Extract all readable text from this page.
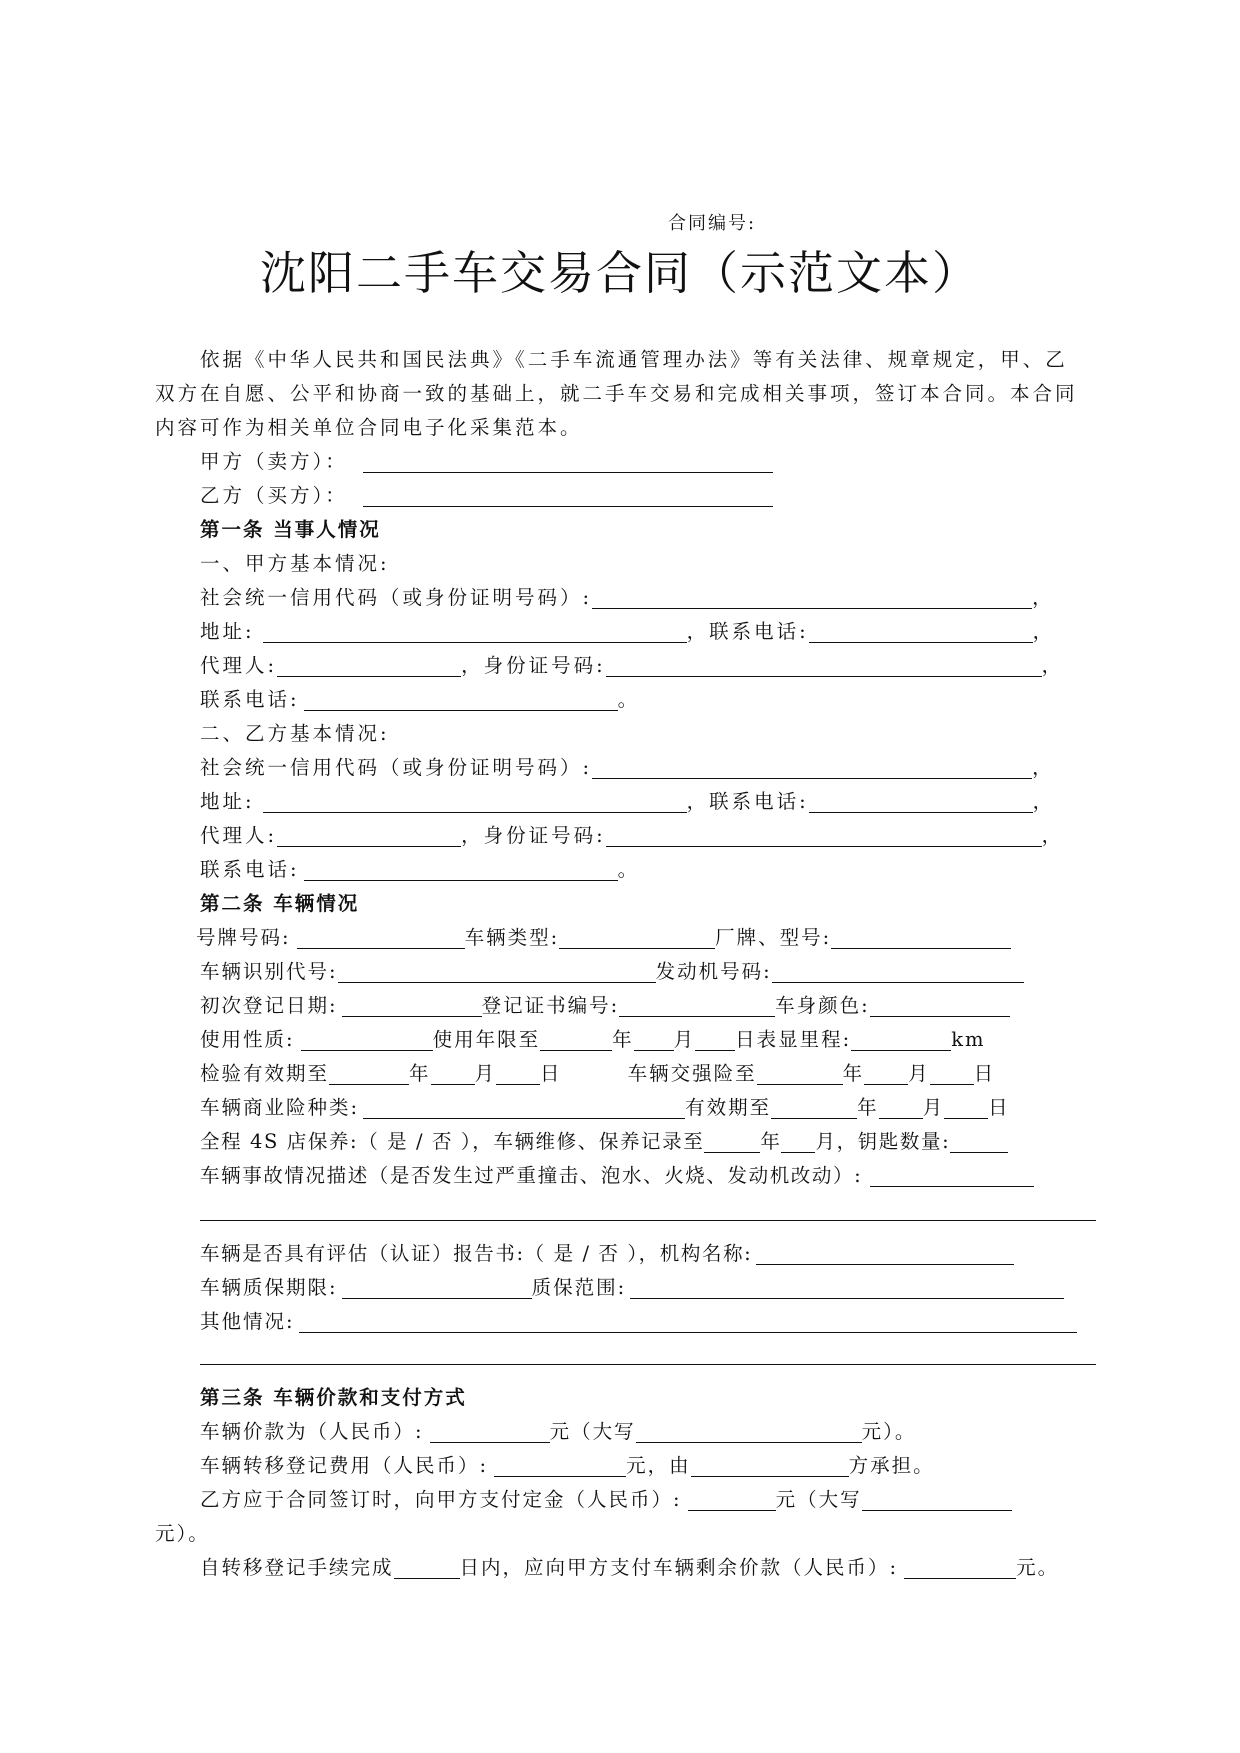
合同编号:
沈阳二手车交易合同（示范文本）
依据《中华人民共和国民法典》《二手车流通管理办法》等有关法律、规章规定，甲、乙
双方在自愿、公平和协商一致的基础上，就二手车交易和完成相关事项，签订本合同。本合同
内容可作为相关单位合同电子化采集范本。
甲方（卖方）：
乙方（买方）：
第一条 当事人情况
一、甲方基本情况:
社会统一信用代码（或身份证明号码）:	，
地址:	，联系电话:	，
代理人:	，身份证号码:	，
联系电话:	。
二、乙方基本情况:
社会统一信用代码（或身份证明号码）:	，
地址:	，联系电话:	，
代理人:	，身份证号码:	，
联系电话:	。
第二条 车辆情况
号牌号码:	车辆类型:	厂牌、型号:
车辆识别代号:	发动机号码:
初次登记日期:	登记证书编号:	车身颜色:
使用性质:	使用年限至	年 月 日表显里程:	km
检验有效期至	年 月 日	车辆交强险至	年 月 日
车辆商业险种类:	有效期至	年 月 日
全程 4S 店保养:（ 是 / 否 ），车辆维修、保养记录至	年 月，钥匙数量:
车辆事故情况描述（是否发生过严重撞击、泡水、火烧、发动机改动）:
车辆是否具有评估（认证）报告书:（ 是 / 否 ），机构名称:
车辆质保期限:	质保范围:
其他情况:
第三条 车辆价款和支付方式
车辆价款为（人民币）:	元（大写	元）。
车辆转移登记费用（人民币）:	元，由	方承担。
乙方应于合同签订时，向甲方支付定金（人民币）:	元（大写
元）。
自转移登记手续完成	日内，应向甲方支付车辆剩余价款（人民币）:	元。
